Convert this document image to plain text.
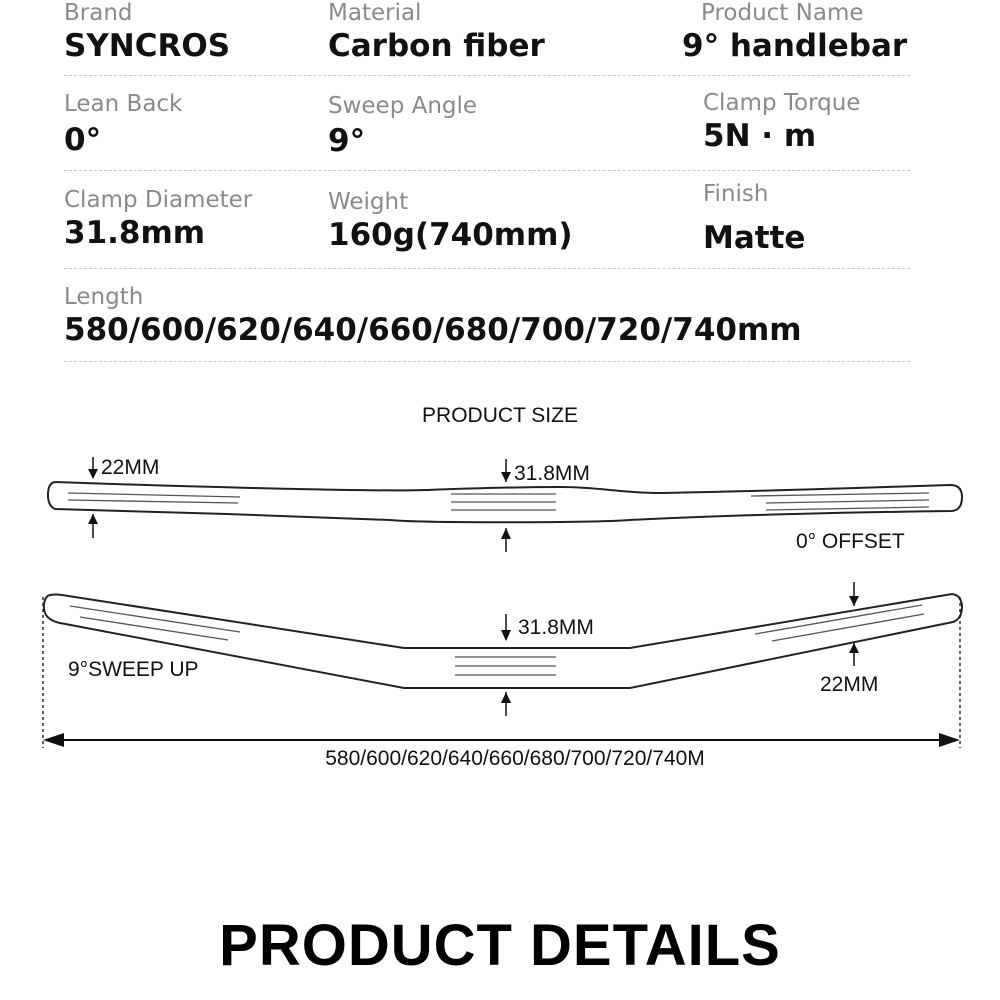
Brand
SYNCROS
Material
Carbon fiber
Product Name
9° handlebar
Lean Back
0°
Sweep Angle
9°
Clamp Torque
5N · m
Clamp Diameter
31.8mm
Weight
160g(740mm)
Finish
Matte
Length
580/600/620/640/660/680/700/720/740mm
PRODUCT SIZE
22MM	31.8MM
0° OFFSET
31.8MM
9°SWEEP UP
22MM
580/600/620/640/660/680/700/720/740M
PRODUCT DETAILS
